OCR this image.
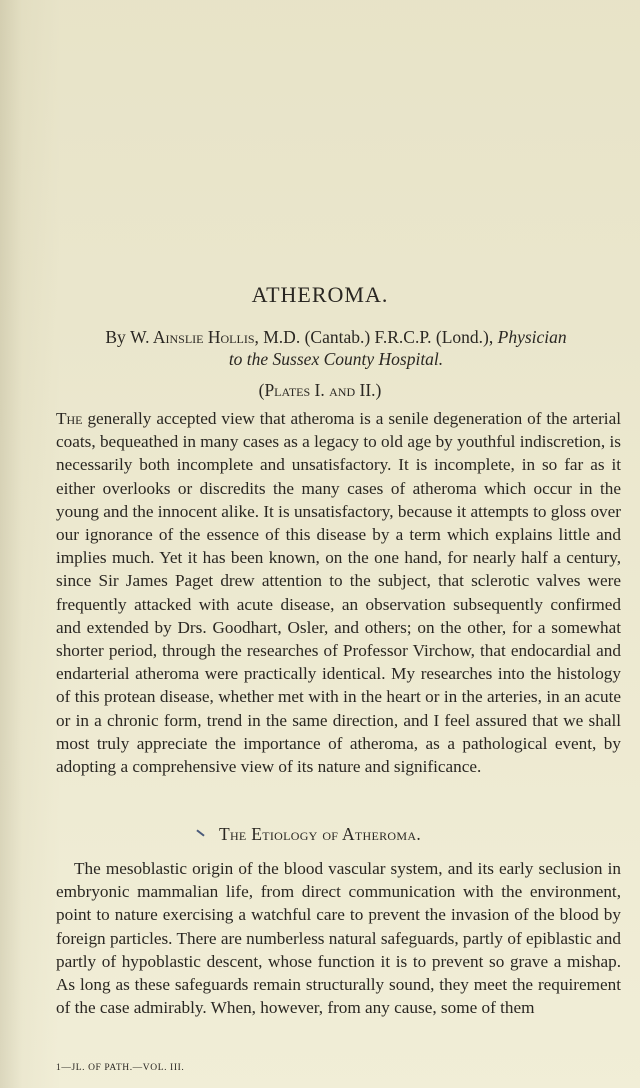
ATHEROMA.
By W. Ainslie Hollis, M.D. (Cantab.) F.R.C.P. (Lond.), Physician
to the Sussex County Hospital.
(Plates I. and II.)

The generally accepted view that atheroma is a senile degeneration of the arterial coats, bequeathed in many cases as a legacy to old age by youthful indiscretion, is necessarily both incomplete and unsatisfactory. It is incomplete, in so far as it either overlooks or discredits the many cases of atheroma which occur in the young and the innocent alike. It is unsatisfactory, because it attempts to gloss over our ignorance of the essence of this disease by a term which explains little and implies much. Yet it has been known, on the one hand, for nearly half a century, since Sir James Paget drew attention to the subject, that sclerotic valves were frequently attacked with acute disease, an observation subsequently confirmed and extended by Drs. Goodhart, Osler, and others; on the other, for a somewhat shorter period, through the researches of Professor Virchow, that endocardial and endarterial atheroma were practically identical. My researches into the histology of this protean disease, whether met with in the heart or in the arteries, in an acute or in a chronic form, trend in the same direction, and I feel assured that we shall most truly appreciate the importance of atheroma, as a pathological event, by adopting a comprehensive view of its nature and significance.

The Etiology of Atheroma.

The mesoblastic origin of the blood vascular system, and its early seclusion in embryonic mammalian life, from direct communication with the environment, point to nature exercising a watchful care to prevent the invasion of the blood by foreign particles. There are numberless natural safeguards, partly of epiblastic and partly of hypoblastic descent, whose function it is to prevent so grave a mishap. As long as these safeguards remain structurally sound, they meet the requirement of the case admirably. When, however, from any cause, some of them

1—JL. OF PATH.—VOL. III.
